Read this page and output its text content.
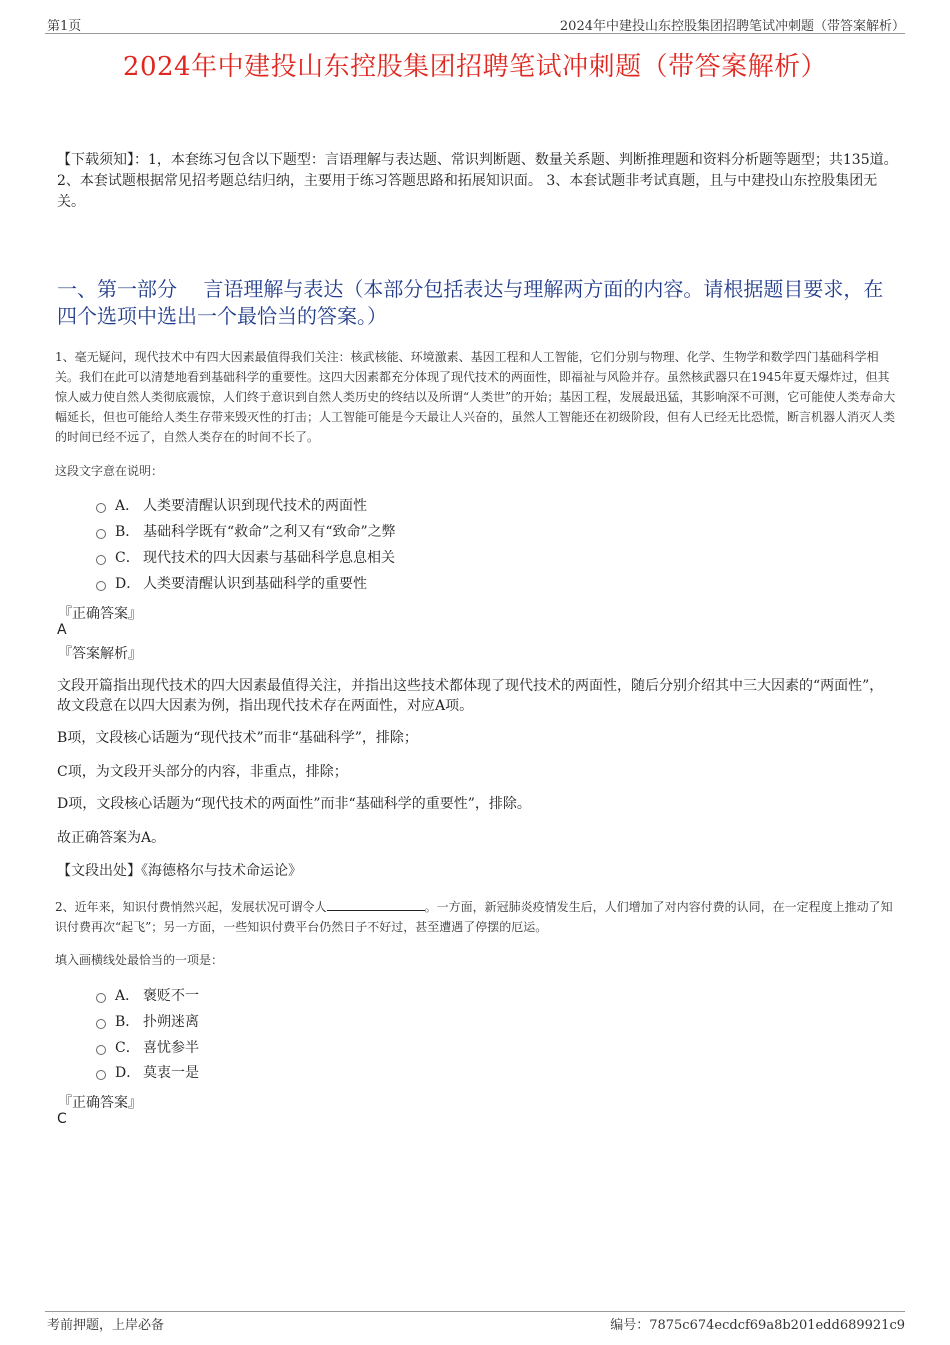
第1页	2024年中建投山东控股集团招聘笔试冲刺题（带答案解析）
2024年中建投山东控股集团招聘笔试冲刺题（带答案解析）
【下载须知】：1，本套练习包含以下题型：言语理解与表达题、常识判断题、数量关系题、判断推理题和资料分析题等题型；共135道。 2、本套试题根据常见招考题总结归纳，主要用于练习答题思路和拓展知识面。 3、本套试题非考试真题，且与中建投山东控股集团无关。
一、第一部分　 言语理解与表达（本部分包括表达与理解两方面的内容。请根据题目要求，在四个选项中选出一个最恰当的答案。）
1、毫无疑问，现代技术中有四大因素最值得我们关注：核武核能、环境激素、基因工程和人工智能，它们分别与物理、化学、生物学和数学四门基础科学相关。我们在此可以清楚地看到基础科学的重要性。这四大因素都充分体现了现代技术的两面性，即福祉与风险并存。虽然核武器只在1945年夏天爆炸过，但其惊人威力使自然人类彻底震惊，人们终于意识到自然人类历史的终结以及所谓“人类世”的开始；基因工程，发展最迅猛，其影响深不可测，它可能使人类寿命大幅延长，但也可能给人类生存带来毁灭性的打击；人工智能可能是今天最让人兴奋的，虽然人工智能还在初级阶段，但有人已经无比恐慌，断言机器人消灭人类的时间已经不远了，自然人类存在的时间不长了。
这段文字意在说明：
A． 人类要清醒认识到现代技术的两面性
B． 基础科学既有“救命”之利又有“致命”之弊
C． 现代技术的四大因素与基础科学息息相关
D． 人类要清醒认识到基础科学的重要性
『正确答案』
A
『答案解析』
文段开篇指出现代技术的四大因素最值得关注，并指出这些技术都体现了现代技术的两面性，随后分别介绍其中三大因素的“两面性”，故文段意在以四大因素为例，指出现代技术存在两面性，对应A项。
B项，文段核心话题为“现代技术”而非“基础科学”，排除；
C项，为文段开头部分的内容，非重点，排除；
D项，文段核心话题为“现代技术的两面性”而非“基础科学的重要性”，排除。
故正确答案为A。
【文段出处】《海德格尔与技术命运论》
2、近年来，知识付费悄然兴起，发展状况可谓令人	。一方面，新冠肺炎疫情发生后，人们增加了对内容付费的认同，在一定程度上推动了知识付费再次“起飞”；另一方面，一些知识付费平台仍然日子不好过，甚至遭遇了停摆的厄运。
填入画横线处最恰当的一项是：
A． 褒贬不一
B． 扑朔迷离
C． 喜忧参半
D． 莫衷一是
『正确答案』
C
考前押题，上岸必备	编号：7875c674ecdcf69a8b201edd689921c9
